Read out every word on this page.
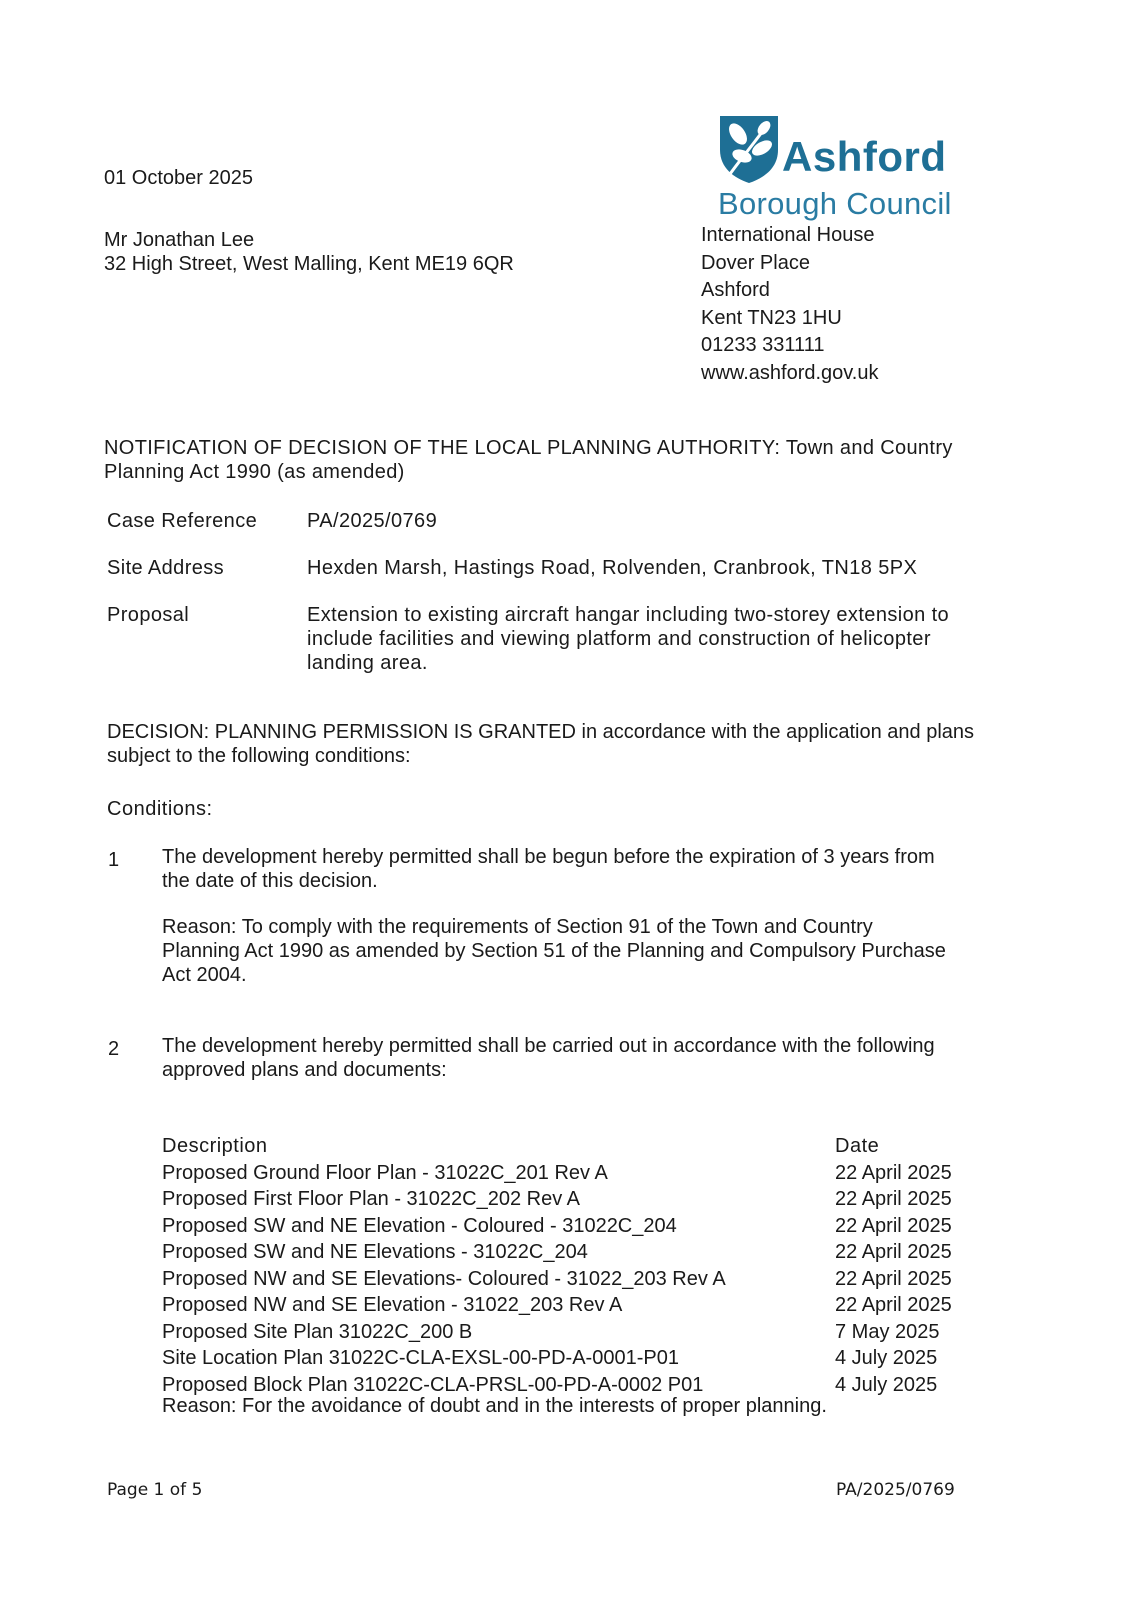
01 October 2025
Mr Jonathan Lee
32 High Street, West Malling, Kent ME19 6QR
Ashford
Borough Council
International House
Dover Place
Ashford
Kent TN23 1HU
01233 331111
www.ashford.gov.uk
NOTIFICATION OF DECISION OF THE LOCAL PLANNING AUTHORITY: Town and Country
Planning Act 1990 (as amended)
Case Reference PA/2025/0769
Site Address	Hexden Marsh, Hastings Road, Rolvenden, Cranbrook, TN18 5PX
Proposal	Extension to existing aircraft hangar including two-storey extension to
include facilities and viewing platform and construction of helicopter
landing area.
DECISION: PLANNING PERMISSION IS GRANTED in accordance with the application and plans
subject to the following conditions:
Conditions:
1 The development hereby permitted shall be begun before the expiration of 3 years from
the date of this decision.
Reason: To comply with the requirements of Section 91 of the Town and Country
Planning Act 1990 as amended by Section 51 of the Planning and Compulsory Purchase
Act 2004.
2 The development hereby permitted shall be carried out in accordance with the following
approved plans and documents:
Description	Date
Proposed Ground Floor Plan - 31022C_201 Rev A	22 April 2025
Proposed First Floor Plan - 31022C_202 Rev A	22 April 2025
Proposed SW and NE Elevation - Coloured - 31022C_204	22 April 2025
Proposed SW and NE Elevations - 31022C_204	22 April 2025
Proposed NW and SE Elevations- Coloured - 31022_203 Rev A	22 April 2025
Proposed NW and SE Elevation - 31022_203 Rev A	22 April 2025
Proposed Site Plan 31022C_200 B	7 May 2025
Site Location Plan 31022C-CLA-EXSL-00-PD-A-0001-P01	4 July 2025
Proposed Block Plan 31022C-CLA-PRSL-00-PD-A-0002 P01	4 July 2025
Reason: For the avoidance of doubt and in the interests of proper planning.
Page 1 of 5	PA/2025/0769
